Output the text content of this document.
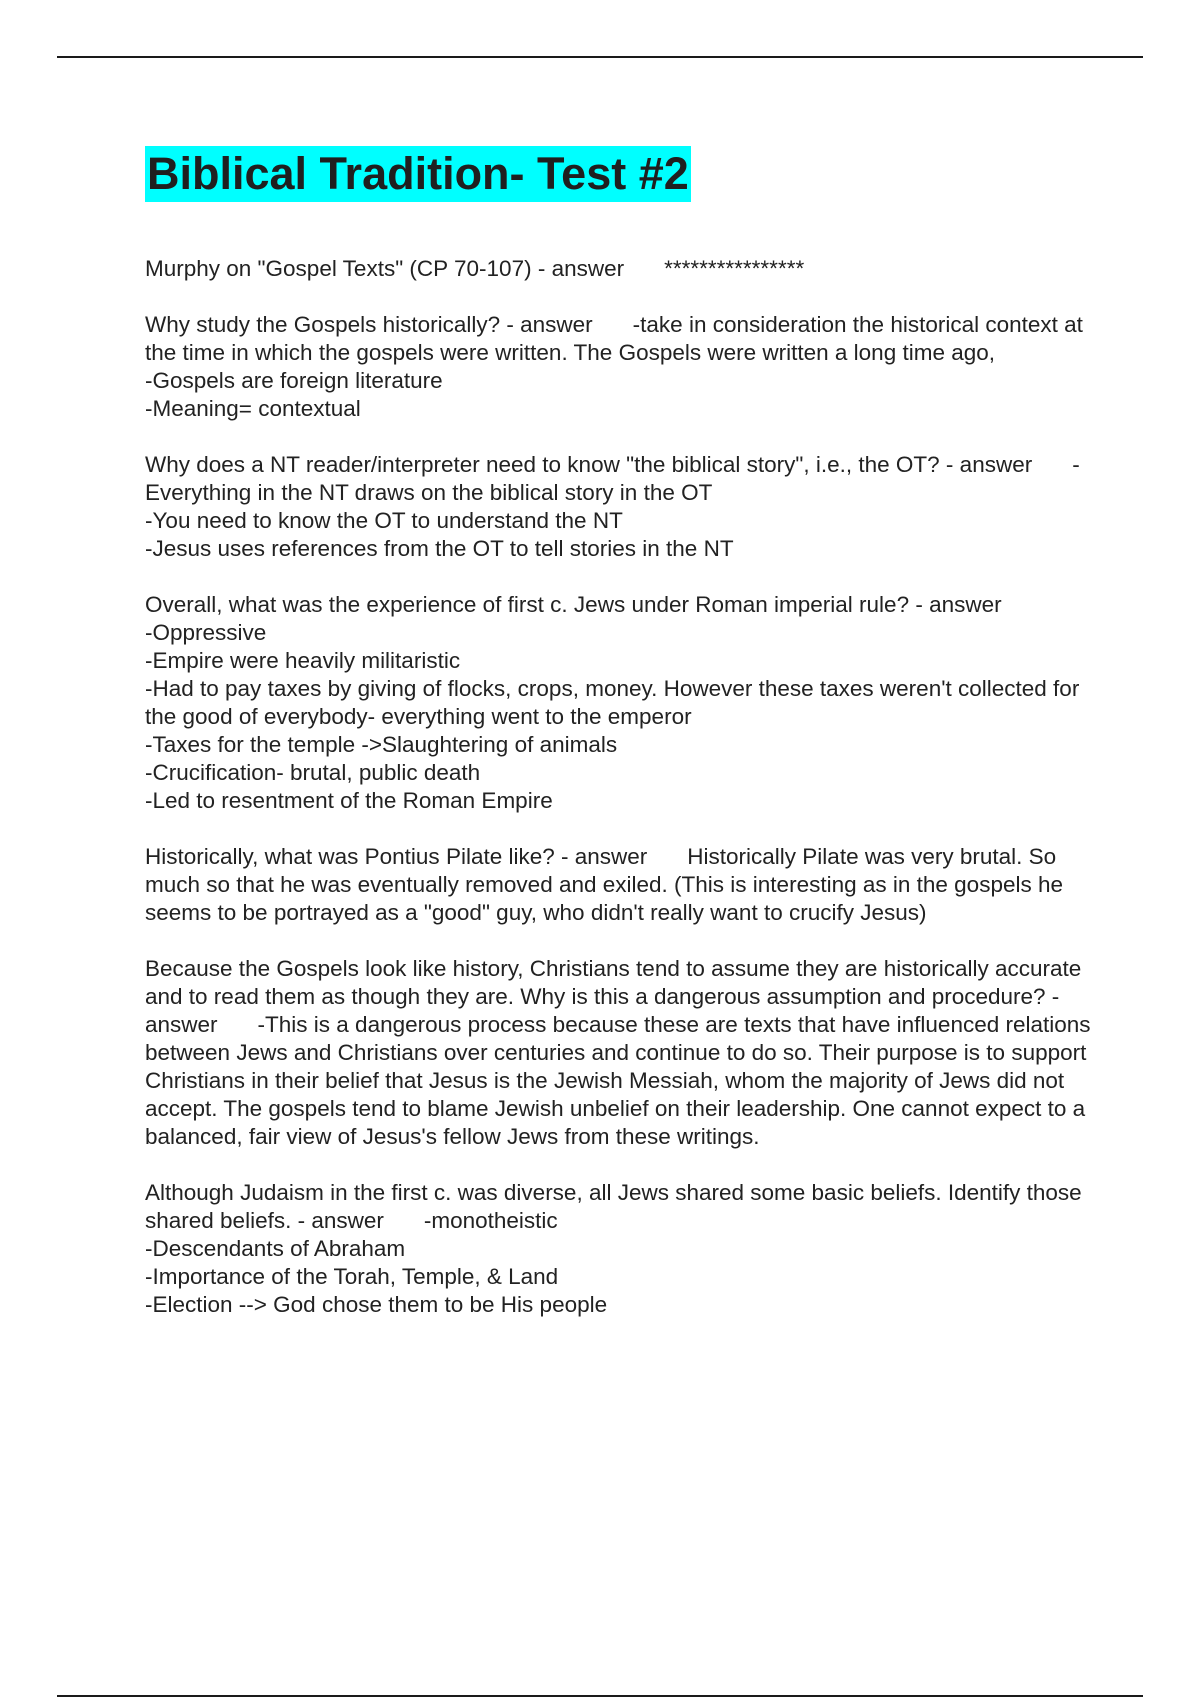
Biblical Tradition- Test #2

Murphy on "Gospel Texts" (CP 70-107) - answer ****************

Why study the Gospels historically? - answer -take in consideration the historical context at the time in which the gospels were written. The Gospels were written a long time ago,
-Gospels are foreign literature
-Meaning= contextual

Why does a NT reader/interpreter need to know "the biblical story", i.e., the OT? - answer -Everything in the NT draws on the biblical story in the OT
-You need to know the OT to understand the NT
-Jesus uses references from the OT to tell stories in the NT

Overall, what was the experience of first c. Jews under Roman imperial rule? - answer
-Oppressive
-Empire were heavily militaristic
-Had to pay taxes by giving of flocks, crops, money. However these taxes weren't collected for the good of everybody- everything went to the emperor
-Taxes for the temple ->Slaughtering of animals
-Crucification- brutal, public death
-Led to resentment of the Roman Empire

Historically, what was Pontius Pilate like? - answer Historically Pilate was very brutal. So much so that he was eventually removed and exiled. (This is interesting as in the gospels he seems to be portrayed as a "good" guy, who didn't really want to crucify Jesus)

Because the Gospels look like history, Christians tend to assume they are historically accurate and to read them as though they are. Why is this a dangerous assumption and procedure? - answer -This is a dangerous process because these are texts that have influenced relations between Jews and Christians over centuries and continue to do so. Their purpose is to support Christians in their belief that Jesus is the Jewish Messiah, whom the majority of Jews did not accept. The gospels tend to blame Jewish unbelief on their leadership. One cannot expect to a balanced, fair view of Jesus's fellow Jews from these writings.

Although Judaism in the first c. was diverse, all Jews shared some basic beliefs. Identify those shared beliefs. - answer -monotheistic
-Descendants of Abraham
-Importance of the Torah, Temple, & Land
-Election --> God chose them to be His people
